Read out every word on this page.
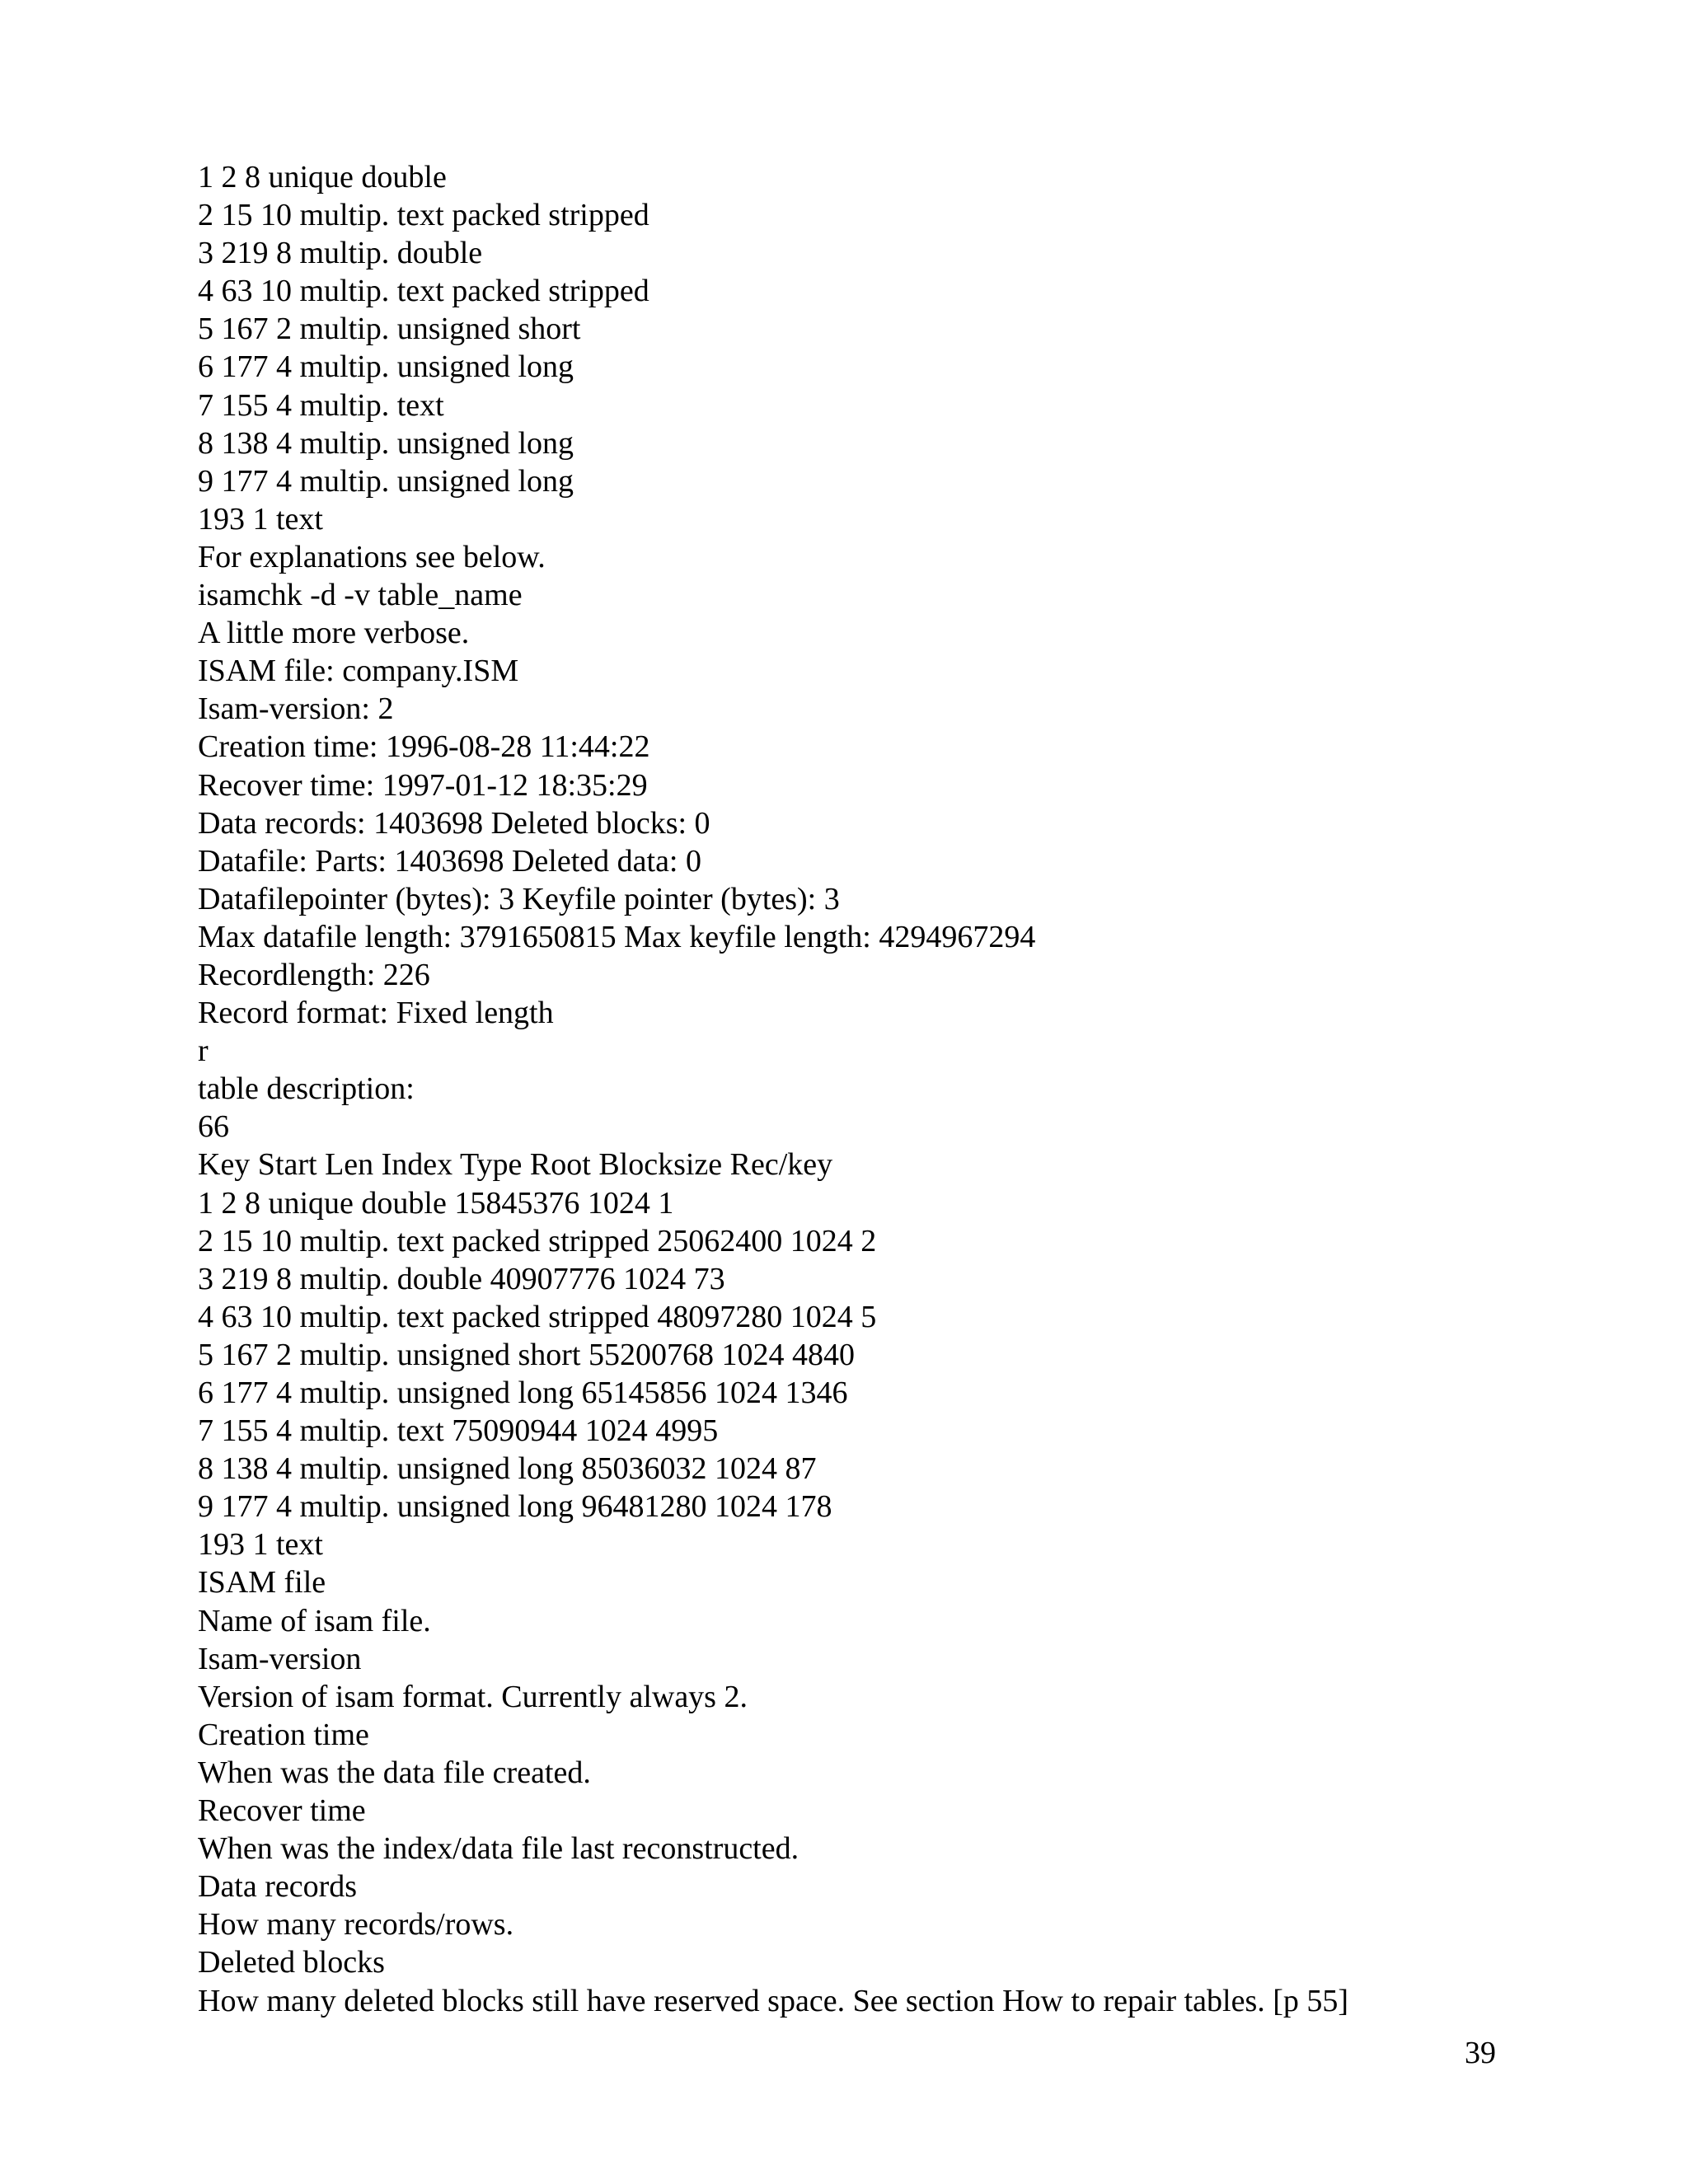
1 2 8 unique double
2 15 10 multip. text packed stripped
3 219 8 multip. double
4 63 10 multip. text packed stripped
5 167 2 multip. unsigned short
6 177 4 multip. unsigned long
7 155 4 multip. text
8 138 4 multip. unsigned long
9 177 4 multip. unsigned long
193 1 text
For explanations see below.
isamchk -d -v table_name
A little more verbose.
ISAM file: company.ISM
Isam-version: 2
Creation time: 1996-08-28 11:44:22
Recover time: 1997-01-12 18:35:29
Data records: 1403698 Deleted blocks: 0
Datafile: Parts: 1403698 Deleted data: 0
Datafilepointer (bytes): 3 Keyfile pointer (bytes): 3
Max datafile length: 3791650815 Max keyfile length: 4294967294
Recordlength: 226
Record format: Fixed length
r
table description:
66
Key Start Len Index Type Root Blocksize Rec/key
1 2 8 unique double 15845376 1024 1
2 15 10 multip. text packed stripped 25062400 1024 2
3 219 8 multip. double 40907776 1024 73
4 63 10 multip. text packed stripped 48097280 1024 5
5 167 2 multip. unsigned short 55200768 1024 4840
6 177 4 multip. unsigned long 65145856 1024 1346
7 155 4 multip. text 75090944 1024 4995
8 138 4 multip. unsigned long 85036032 1024 87
9 177 4 multip. unsigned long 96481280 1024 178
193 1 text
ISAM file
Name of isam file.
Isam-version
Version of isam format. Currently always 2.
Creation time
When was the data file created.
Recover time
When was the index/data file last reconstructed.
Data records
How many records/rows.
Deleted blocks
How many deleted blocks still have reserved space. See section How to repair tables. [p 55]
39
